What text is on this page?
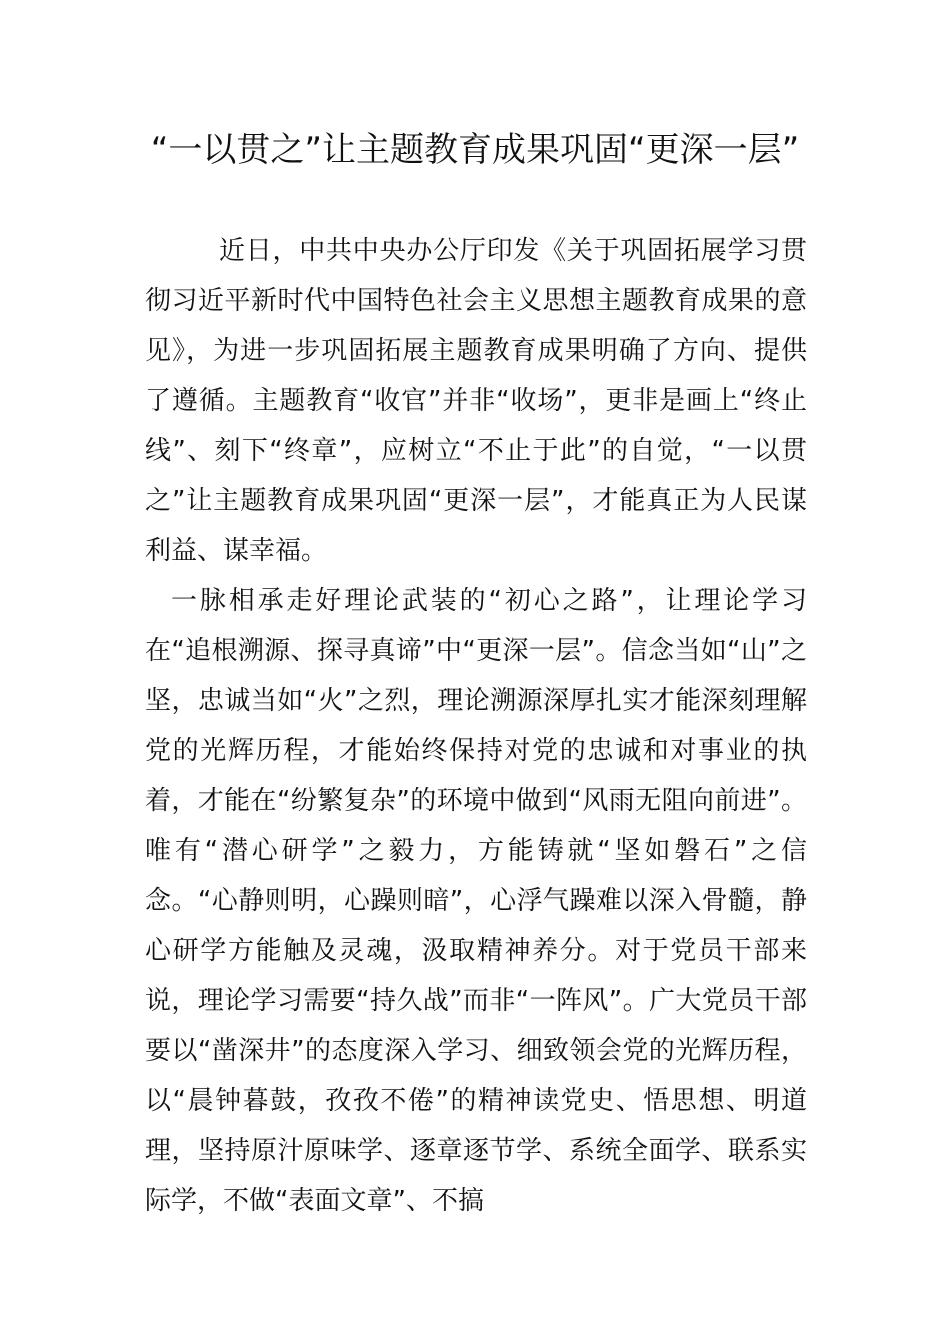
“一以贯之”让主题教育成果巩固“更深一层”

近日，中共中央办公厅印发《关于巩固拓展学习贯彻习近平新时代中国特色社会主义思想主题教育成果的意见》，为进一步巩固拓展主题教育成果明确了方向、提供了遵循。主题教育“收官”并非“收场”，更非是画上“终止线”、刻下“终章”，应树立“不止于此”的自觉，“一以贯之”让主题教育成果巩固“更深一层”，才能真正为人民谋利益、谋幸福。

一脉相承走好理论武装的“初心之路”，让理论学习在“追根溯源、探寻真谛”中“更深一层”。信念当如“山”之坚，忠诚当如“火”之烈，理论溯源深厚扎实才能深刻理解党的光辉历程，才能始终保持对党的忠诚和对事业的执着，才能在“纷繁复杂”的环境中做到“风雨无阻向前进”。唯有“潜心研学”之毅力，方能铸就“坚如磐石”之信念。“心静则明，心躁则暗”，心浮气躁难以深入骨髓，静心研学方能触及灵魂，汲取精神养分。对于党员干部来说，理论学习需要“持久战”而非“一阵风”。广大党员干部要以“凿深井”的态度深入学习、细致领会党的光辉历程，以“晨钟暮鼓，孜孜不倦”的精神读党史、悟思想、明道理，坚持原汁原味学、逐章逐节学、系统全面学、联系实际学，不做“表面文章”、不搞
